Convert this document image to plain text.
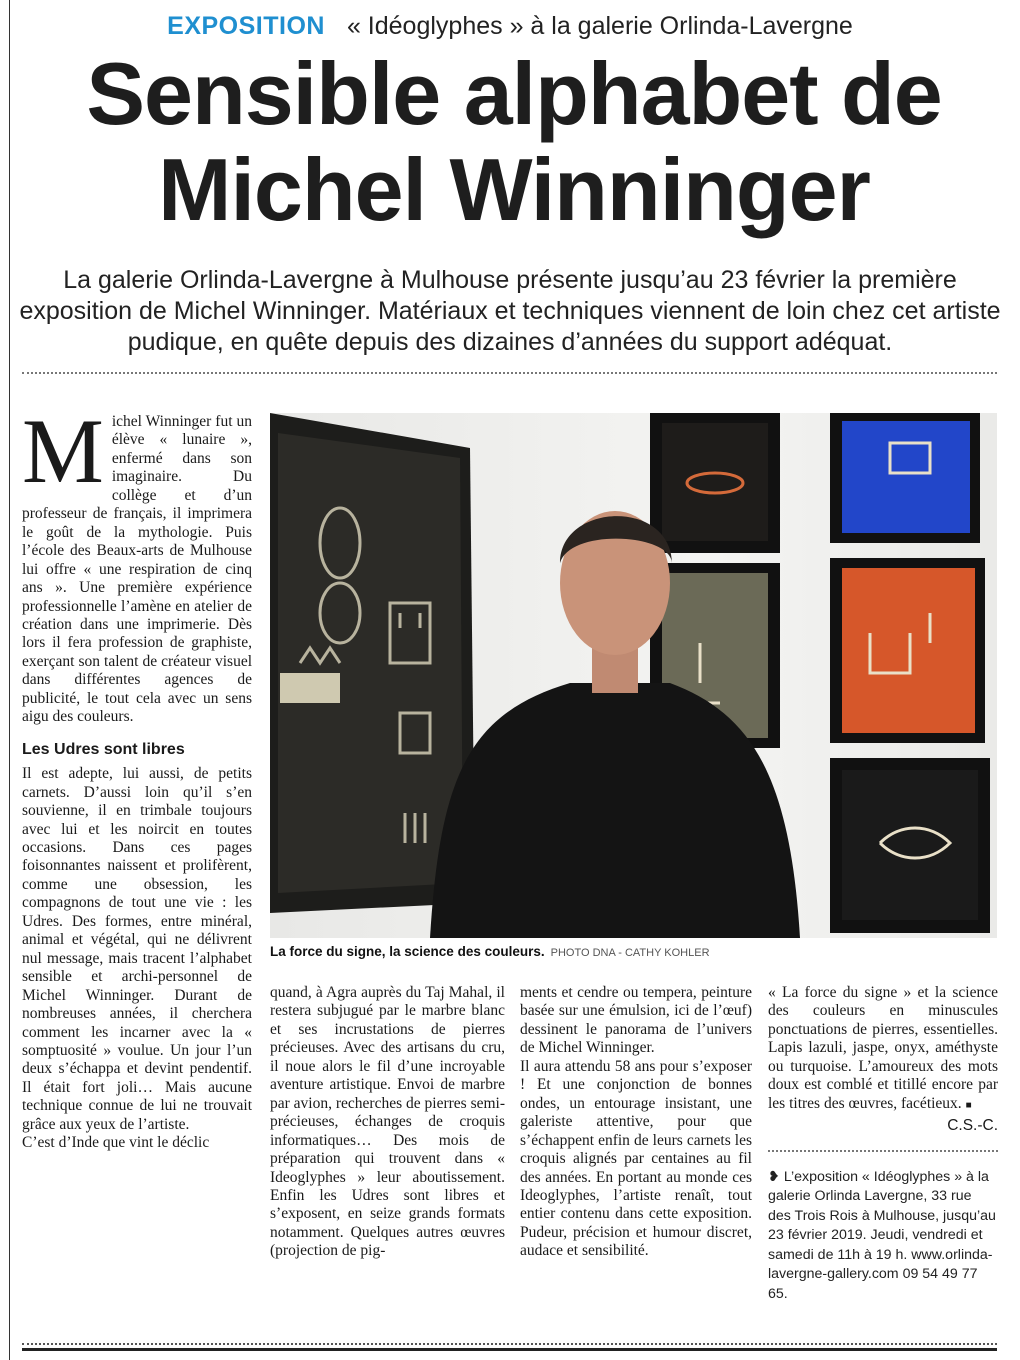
EXPOSITION « Idéoglyphes » à la galerie Orlinda-Lavergne
Sensible alphabet de
Michel Winninger
La galerie Orlinda-Lavergne à Mulhouse présente jusqu’au 23 février la première exposition de Michel Winninger. Matériaux et techniques viennent de loin chez cet artiste pudique, en quête depuis des dizaines d’années du support adéquat.

Michel Winninger fut un élève « lunaire », enfermé dans son imaginaire. Du collège et d’un professeur de français, il imprimera le goût de la mythologie. Puis l’école des Beaux-arts de Mulhouse lui offre « une respiration de cinq ans ». Une première expérience professionnelle l’amène en atelier de création dans une imprimerie. Dès lors il fera profession de graphiste, exerçant son talent de créateur visuel dans différentes agences de publicité, le tout cela avec un sens aigu des couleurs.

Les Udres sont libres

Il est adepte, lui aussi, de petits carnets. D’aussi loin qu’il s’en souvienne, il en trimbale toujours avec lui et les noircit en toutes occasions. Dans ces pages foisonnantes naissent et prolifèrent, comme une obsession, les compagnons de tout une vie : les Udres. Des formes, entre minéral, animal et végétal, qui ne délivrent nul message, mais tracent l’alphabet sensible et archi-personnel de Michel Winninger. Durant de nombreuses années, il cherchera comment les incarner avec la « somptuosité » voulue. Un jour l’un deux s’échappa et devint pendentif. Il était fort joli… Mais aucune technique connue de lui ne trouvait grâce aux yeux de l’artiste.

C’est d’Inde que vint le déclic

La force du signe, la science des couleurs. PHOTO DNA - CATHY KOHLER

quand, à Agra auprès du Taj Mahal, il restera subjugué par le marbre blanc et ses incrustations de pierres précieuses. Avec des artisans du cru, il noue alors le fil d’une incroyable aventure artistique. Envoi de marbre par avion, recherches de pierres semi-précieuses, échanges de croquis informatiques… Des mois de préparation qui trouvent dans « Ideoglyphes » leur aboutissement. Enfin les Udres sont libres et s’exposent, en seize grands formats notamment. Quelques autres œuvres (projection de pig-

ments et cendre ou tempera, peinture basée sur une émulsion, ici de l’œuf) dessinent le panorama de l’univers de Michel Winninger.

Il aura attendu 58 ans pour s’exposer ! Et une conjonction de bonnes ondes, un entourage insistant, une galeriste attentive, pour que s’échappent enfin de leurs carnets les croquis alignés par centaines au fil des années. En portant au monde ces Ideoglyphes, l’artiste renaît, tout entier contenu dans cette exposition. Pudeur, précision et humour discret, audace et sensibilité.

« La force du signe » et la science des couleurs en minuscules ponctuations de pierres, essentielles. Lapis lazuli, jaspe, onyx, améthyste ou turquoise. L’amoureux des mots doux est comblé et titillé encore par les titres des œuvres, facétieux. ■

C.S.-C.

❥ L’exposition « Idéoglyphes » à la galerie Orlinda Lavergne, 33 rue des Trois Rois à Mulhouse, jusqu’au 23 février 2019. Jeudi, vendredi et samedi de 11h à 19 h. www.orlinda-lavergne-gallery.com 09 54 49 77 65.
